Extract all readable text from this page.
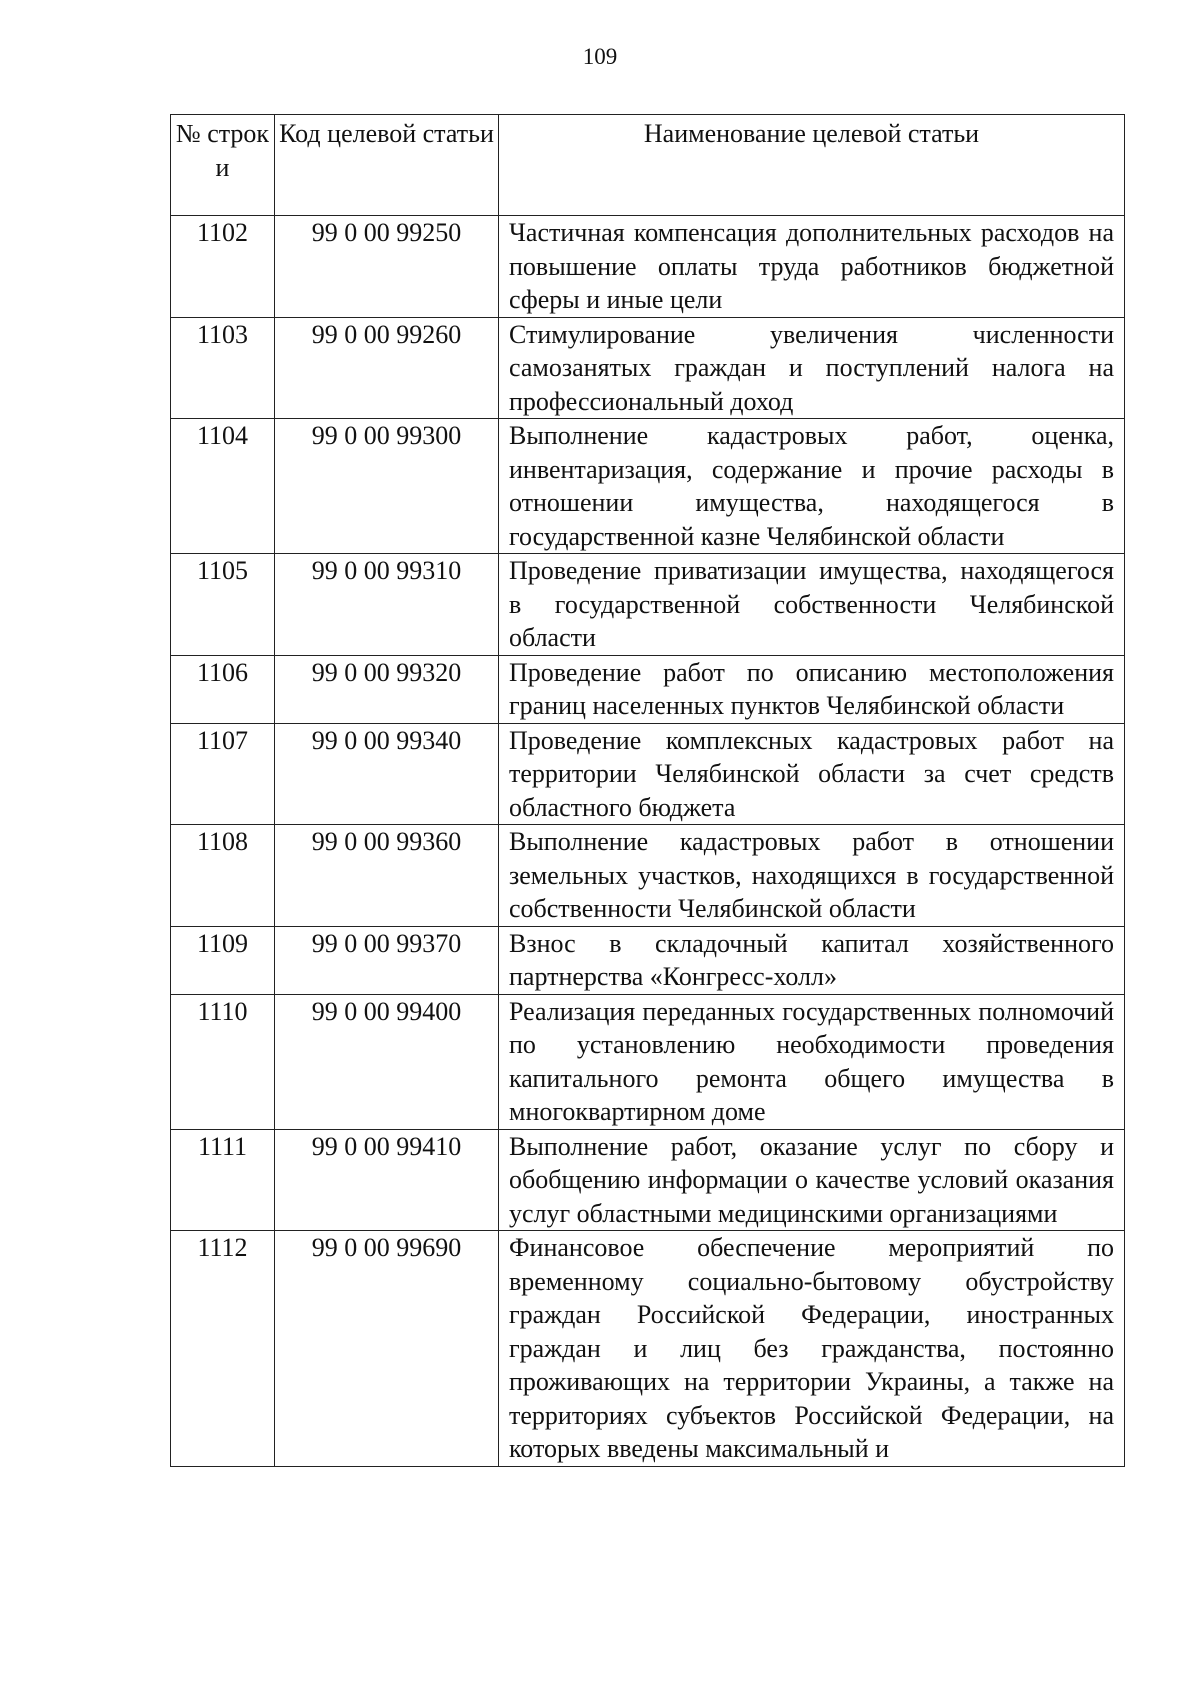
109
№ строк и	Код целевой статьи	Наименование целевой статьи
1102	99 0 00 99250	Частичная компенсация дополнительных расходов на повышение оплаты труда работников бюджетной сферы и иные цели
1103	99 0 00 99260	Стимулирование увеличения численности самозанятых граждан и поступлений налога на профессиональный доход
1104	99 0 00 99300	Выполнение кадастровых работ, оценка, инвентаризация, содержание и прочие расходы в отношении имущества, находящегося в государственной казне Челябинской области
1105	99 0 00 99310	Проведение приватизации имущества, находящегося в государственной собственности Челябинской области
1106	99 0 00 99320	Проведение работ по описанию местоположения границ населенных пунктов Челябинской области
1107	99 0 00 99340	Проведение комплексных кадастровых работ на территории Челябинской области за счет средств областного бюджета
1108	99 0 00 99360	Выполнение кадастровых работ в отношении земельных участков, находящихся в государственной собственности Челябинской области
1109	99 0 00 99370	Взнос в складочный капитал хозяйственного партнерства «Конгресс-холл»
1110	99 0 00 99400	Реализация переданных государственных полномочий по установлению необходимости проведения капитального ремонта общего имущества в многоквартирном доме
1111	99 0 00 99410	Выполнение работ, оказание услуг по сбору и обобщению информации о качестве условий оказания услуг областными медицинскими организациями
1112	99 0 00 99690	Финансовое обеспечение мероприятий по временному социально-бытовому обустройству граждан Российской Федерации, иностранных граждан и лиц без гражданства, постоянно проживающих на территории Украины, а также на территориях субъектов Российской Федерации, на которых введены максимальный и
